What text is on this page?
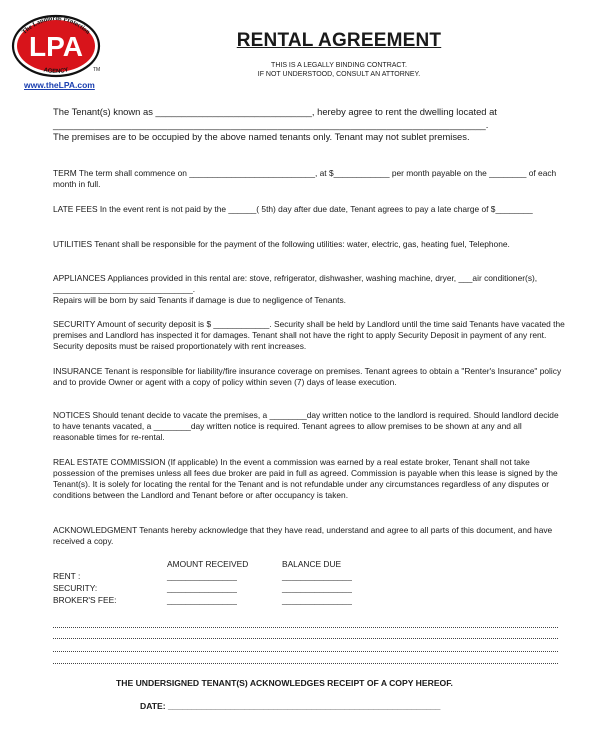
The Landlords Protection
LPA
AGENCY	TM
www.theLPA.com
RENTAL AGREEMENT
THIS IS A LEGALLY BINDING CONTRACT.
IF NOT UNDERSTOOD, CONSULT AN ATTORNEY.

The Tenant(s) known as ______________________________, hereby agree to rent the dwelling located at

___________________________________________________________________________________.

The premises are to be occupied by the above named tenants only. Tenant may not sublet premises.

TERM The term shall commence on ___________________________, at $____________ per month payable on the ________ of each month in full.

LATE FEES In the event rent is not paid by the ______( 5th) day after due date, Tenant agrees to pay a late charge of $________

UTILITIES Tenant shall be responsible for the payment of the following utilities: water, electric, gas, heating fuel, Telephone.

APPLIANCES Appliances provided in this rental are: stove, refrigerator, dishwasher, washing machine, dryer, ___air conditioner(s), ______________________________.

Repairs will be born by said Tenants if damage is due to negligence of Tenants.

SECURITY Amount of security deposit is $ ____________. Security shall be held by Landlord until the time said Tenants have vacated the premises and Landlord has inspected it for damages. Tenant shall not have the right to apply Security Deposit in payment of any rent. Security deposits must be raised proportionately with rent increases.

INSURANCE Tenant is responsible for liability/fire insurance coverage on premises. Tenant agrees to obtain a "Renter's Insurance" policy and to provide Owner or agent with a copy of policy within seven (7) days of lease execution.

NOTICES Should tenant decide to vacate the premises, a ________day written notice to the landlord is required. Should landlord decide to have tenants vacated, a ________day written notice is required. Tenant agrees to allow premises to be shown at any and all reasonable times for re-rental.

REAL ESTATE COMMISSION (If applicable) In the event a commission was earned by a real estate broker, Tenant shall not take possession of the premises unless all fees due broker are paid in full as agreed. Commission is payable when this lease is signed by the Tenant(s). It is solely for locating the rental for the Tenant and is not refundable under any circumstances regardless of any disputes or conditions between the Landlord and Tenant before or after occupancy is taken.

ACKNOWLEDGMENT Tenants hereby acknowledge that they have read, understand and agree to all parts of this document, and have received a copy.

AMOUNT RECEIVED	BALANCE DUE
RENT :
SECURITY:
BROKER'S FEE:
_______________
_______________
_______________
_______________
_______________
_______________
THE UNDERSIGNED TENANT(S) ACKNOWLEDGES RECEIPT OF A COPY HEREOF.
DATE: _________________________________________________________
